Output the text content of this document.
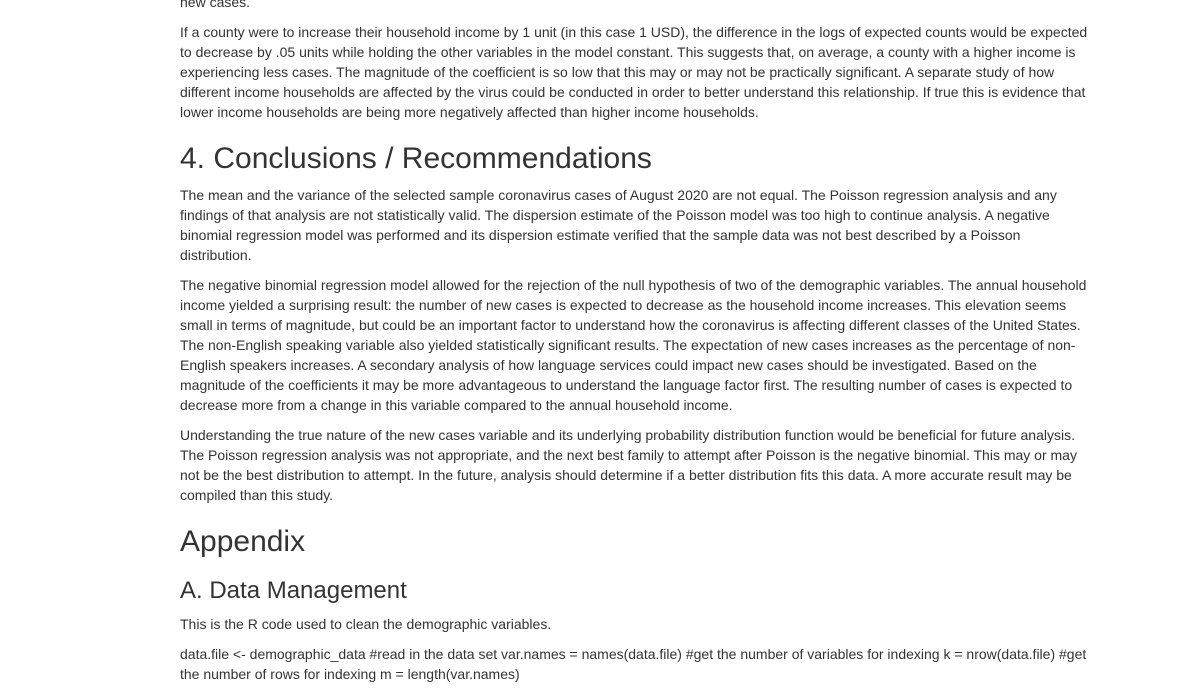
new cases.

If a county were to increase their household income by 1 unit (in this case 1 USD), the difference in the logs of expected counts would be expected to decrease by .05 units while holding the other variables in the model constant. This suggests that, on average, a county with a higher income is experiencing less cases. The magnitude of the coefficient is so low that this may or may not be practically significant. A separate study of how different income households are affected by the virus could be conducted in order to better understand this relationship. If true this is evidence that lower income households are being more negatively affected than higher income households.

4. Conclusions / Recommendations

The mean and the variance of the selected sample coronavirus cases of August 2020 are not equal. The Poisson regression analysis and any findings of that analysis are not statistically valid. The dispersion estimate of the Poisson model was too high to continue analysis. A negative binomial regression model was performed and its dispersion estimate verified that the sample data was not best described by a Poisson distribution.

The negative binomial regression model allowed for the rejection of the null hypothesis of two of the demographic variables. The annual household income yielded a surprising result: the number of new cases is expected to decrease as the household income increases. This elevation seems small in terms of magnitude, but could be an important factor to understand how the coronavirus is affecting different classes of the United States. The non-English speaking variable also yielded statistically significant results. The expectation of new cases increases as the percentage of non-English speakers increases. A secondary analysis of how language services could impact new cases should be investigated. Based on the magnitude of the coefficients it may be more advantageous to understand the language factor first. The resulting number of cases is expected to decrease more from a change in this variable compared to the annual household income.

Understanding the true nature of the new cases variable and its underlying probability distribution function would be beneficial for future analysis. The Poisson regression analysis was not appropriate, and the next best family to attempt after Poisson is the negative binomial. This may or may not be the best distribution to attempt. In the future, analysis should determine if a better distribution fits this data. A more accurate result may be compiled than this study.

Appendix
A. Data Management

This is the R code used to clean the demographic variables.

data.file <- demographic_data #read in the data set var.names = names(data.file) #get the number of variables for indexing k = nrow(data.file) #get the number of rows for indexing m = length(var.names)
